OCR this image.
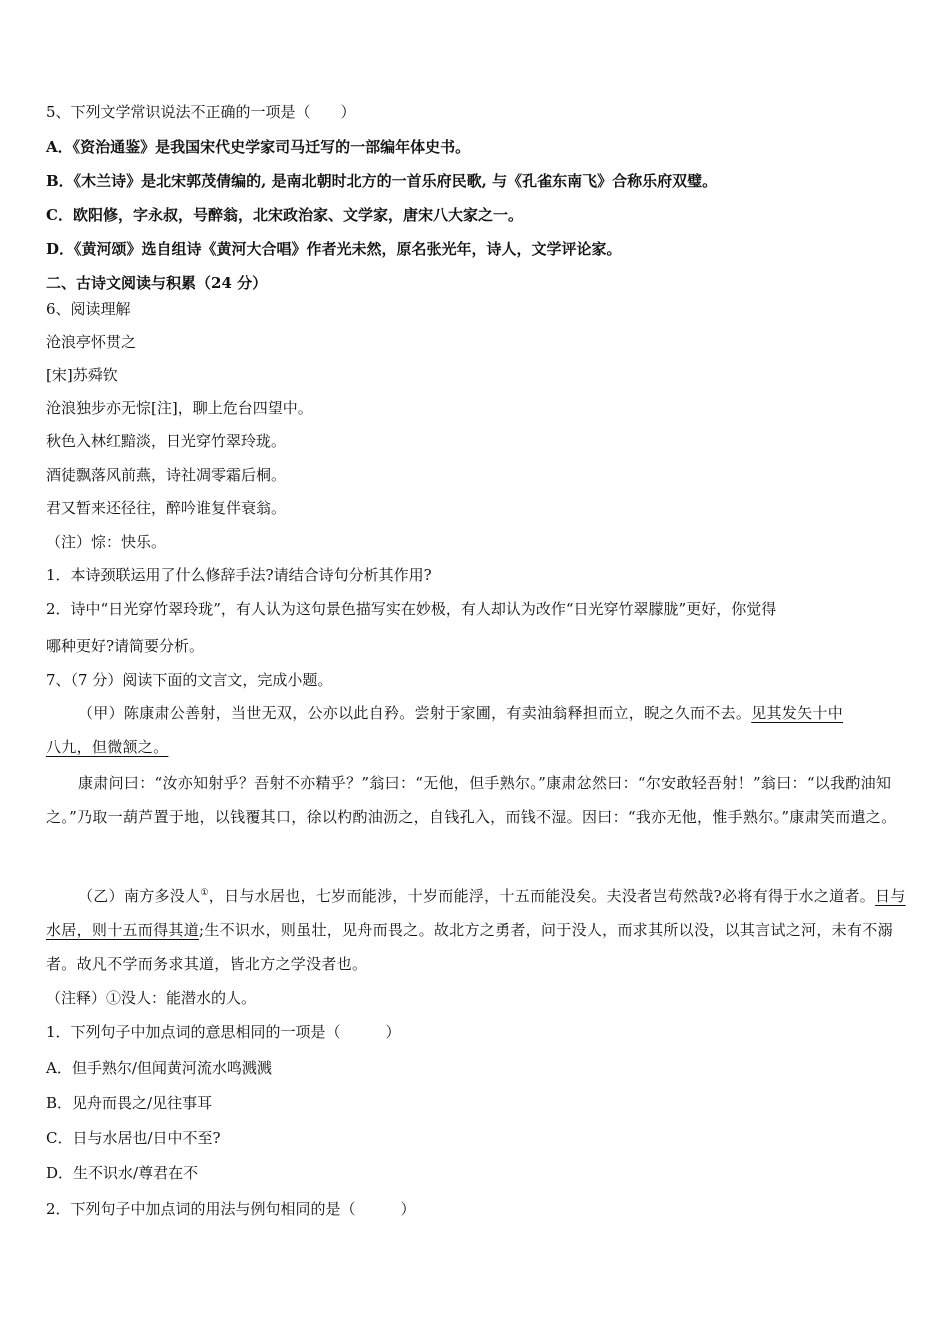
5、下列文学常识说法不正确的一项是（　　）
A．《资治通鉴》是我国宋代史学家司马迁写的一部编年体史书。
B．《木兰诗》是北宋郭茂倩编的, 是南北朝时北方的一首乐府民歌, 与《孔雀东南飞》合称乐府双璧。
C．欧阳修，字永叔，号醉翁，北宋政治家、文学家，唐宋八大家之一。
D．《黄河颂》选自组诗《黄河大合唱》作者光未然，原名张光年，诗人，文学评论家。
二、古诗文阅读与积累（24 分）
6、阅读理解
沧浪亭怀贯之
[宋]苏舜钦
沧浪独步亦无悰[注]，聊上危台四望中。
秋色入林红黯淡，日光穿竹翠玲珑。
酒徒飘落风前燕，诗社凋零霜后桐。
君又暂来还径往，醉吟谁复伴衰翁。
（注）悰：快乐。
1．本诗颈联运用了什么修辞手法?请结合诗句分析其作用?
2．诗中“日光穿竹翠玲珑”，有人认为这句景色描写实在妙极，有人却认为改作“日光穿竹翠朦胧”更好，你觉得
哪种更好?请简要分析。
7、（7 分）阅读下面的文言文，完成小题。
（甲）陈康肃公善射，当世无双，公亦以此自矜。尝射于家圃，有卖油翁释担而立，睨之久而不去。见其发矢十中
八九，但微颔之。
康肃问曰：“汝亦知射乎？吾射不亦精乎？”翁曰：“无他，但手熟尔。”康肃忿然曰：“尔安敢轻吾射！”翁曰：“以我酌油知之。”乃取一葫芦置于地，以钱覆其口，徐以杓酌油沥之，自钱孔入，而钱不湿。因曰：“我亦无他，惟手熟尔。”康肃笑而遣之。
（乙）南方多没人①，日与水居也，七岁而能涉，十岁而能浮，十五而能没矣。夫没者岂苟然哉?必将有得于水之道者。日与水居，则十五而得其道;生不识水，则虽壮，见舟而畏之。故北方之勇者，问于没人，而求其所以没，以其言试之河，未有不溺者。故凡不学而务求其道，皆北方之学没者也。
（注释）①没人：能潜水的人。
1．下列句子中加点词的意思相同的一项是（　　　）
A．但手熟尔/但闻黄河流水鸣溅溅
B．见舟而畏之/见往事耳
C．日与水居也/日中不至?
D．生不识水/尊君在不
2．下列句子中加点词的用法与例句相同的是（　　　）
